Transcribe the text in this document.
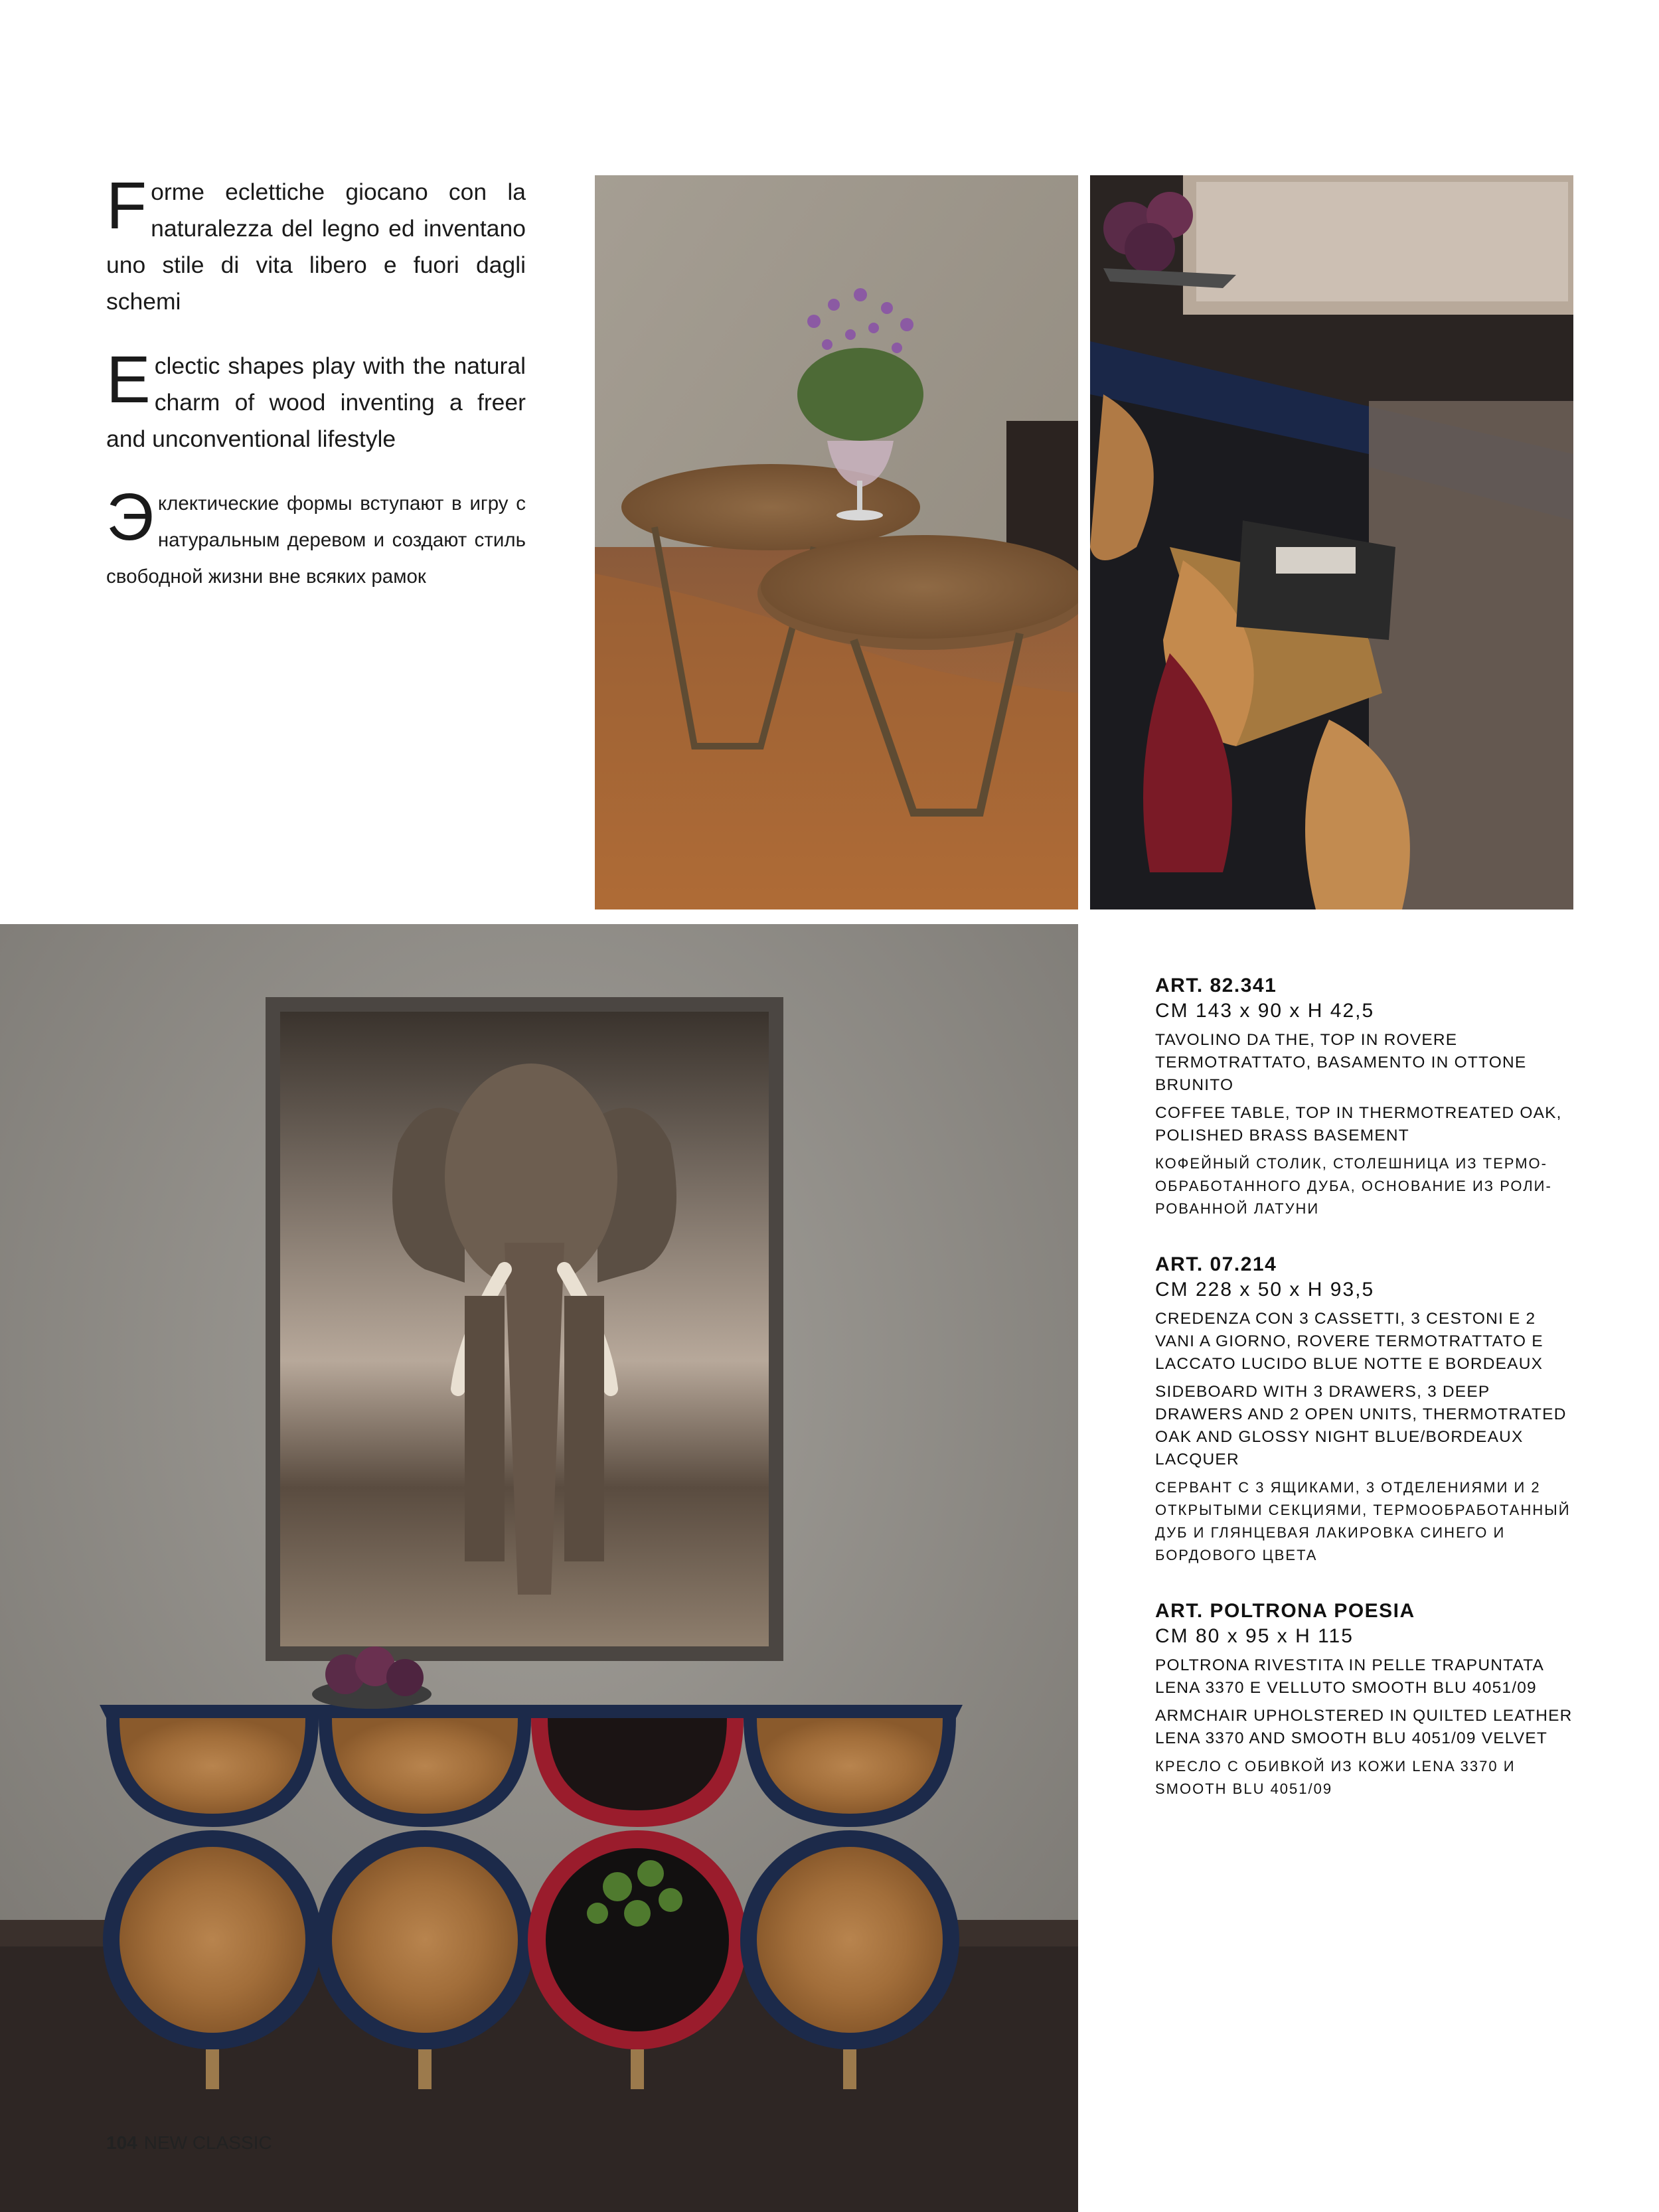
Forme eclettiche giocano con la naturalezza del legno ed inventano uno stile di vita libero e fuori dagli schemi

Eclectic shapes play with the natural charm of wood inventing a freer and unconventional lifestyle

Эклектические формы вступают в игру с натуральным деревом и создают стиль свободной жизни вне всяких рамок

ART. 82.341

CM 143 x 90 x H 42,5

TAVOLINO DA THE, TOP IN ROVERE TERMOTRATTATO, BASAMENTO IN OTTONE BRUNITO

COFFEE TABLE, TOP IN THERMOTREATED OAK, POLISHED BRASS BASEMENT

КОФЕЙНЫЙ СТОЛИК, СТОЛЕШНИЦА ИЗ ТЕРМО-ОБРАБОТАННОГО ДУБА, ОСНОВАНИЕ ИЗ РОЛИ-РОВАННОЙ ЛАТУНИ

ART. 07.214

CM 228 x 50 x H 93,5

CREDENZA CON 3 CASSETTI, 3 CESTONI E 2 VANI A GIORNO, ROVERE TERMOTRATTATO E LACCATO LUCIDO BLUE NOTTE E BORDEAUX

SIDEBOARD WITH 3 DRAWERS, 3 DEEP DRAWERS AND 2 OPEN UNITS, THERMOTRATED OAK AND GLOSSY NIGHT BLUE/BORDEAUX LACQUER

СЕРВАНТ С 3 ЯЩИКАМИ, 3 ОТДЕЛЕНИЯМИ И 2 ОТКРЫТЫМИ СЕКЦИЯМИ, ТЕРМООБРАБОТАННЫЙ ДУБ И ГЛЯНЦЕВАЯ ЛАКИРОВКА СИНЕГО И БОРДОВОГО ЦВЕТА

ART. POLTRONA POESIA

CM 80 x 95 x H 115

POLTRONA RIVESTITA IN PELLE TRAPUNTATA LENA 3370 E VELLUTO SMOOTH BLU 4051/09

ARMCHAIR UPHOLSTERED IN QUILTED LEATHER LENA 3370 AND SMOOTH BLU 4051/09 VELVET

КРЕСЛО С ОБИВКОЙ ИЗ КОЖИ LENA 3370 И SMOOTH BLU 4051/09

104 NEW CLASSIC
